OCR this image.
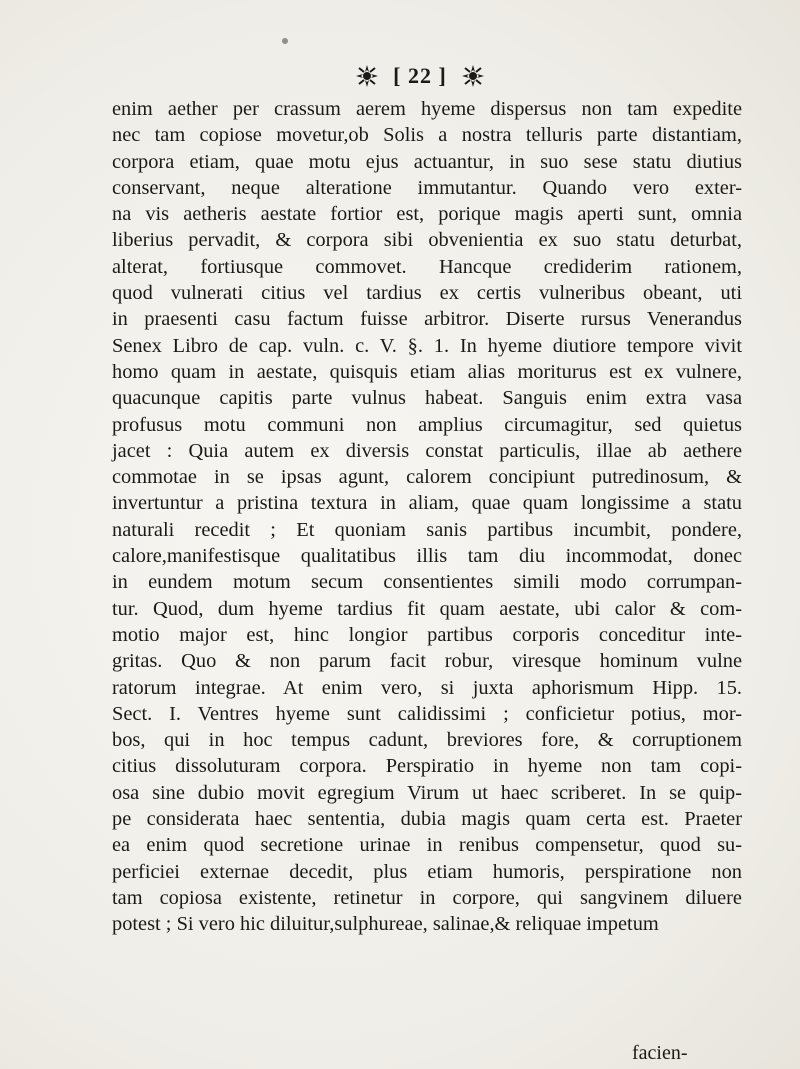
[ 22 ]
enim aether per crassum aerem hyeme dispersus non tam expedite
nec tam copiose movetur,ob Solis a nostra telluris parte distantiam,
corpora etiam, quae motu ejus actuantur, in suo sese statu diutius
conservant, neque alteratione immutantur. Quando vero exter-
na vis aetheris aestate fortior est, porique magis aperti sunt, omnia
liberius pervadit, & corpora sibi obvenientia ex suo statu deturbat,
alterat, fortiusque commovet. Hancque crediderim rationem,
quod vulnerati citius vel tardius ex certis vulneribus obeant, uti
in praesenti casu factum fuisse arbitror. Diserte rursus Venerandus
Senex Libro de cap. vuln. c. V. §. 1. In hyeme diutiore tempore vivit
homo quam in aestate, quisquis etiam alias moriturus est ex vulnere,
quacunque capitis parte vulnus habeat. Sanguis enim extra vasa
profusus motu communi non amplius circumagitur, sed quietus
jacet : Quia autem ex diversis constat particulis, illae ab aethere
commotae in se ipsas agunt, calorem concipiunt putredinosum, &
invertuntur a pristina textura in aliam, quae quam longissime a statu
naturali recedit ; Et quoniam sanis partibus incumbit, pondere,
calore,manifestisque qualitatibus illis tam diu incommodat, donec
in eundem motum secum consentientes simili modo corrumpan-
tur. Quod, dum hyeme tardius fit quam aestate, ubi calor & com-
motio major est, hinc longior partibus corporis conceditur inte-
gritas. Quo & non parum facit robur, viresque hominum vulne
ratorum integrae. At enim vero, si juxta aphorismum Hipp. 15.
Sect. I. Ventres hyeme sunt calidissimi ; conficietur potius, mor-
bos, qui in hoc tempus cadunt, breviores fore, & corruptionem
citius dissoluturam corpora. Perspiratio in hyeme non tam copi-
osa sine dubio movit egregium Virum ut haec scriberet. In se quip-
pe considerata haec sententia, dubia magis quam certa est. Praeter
ea enim quod secretione urinae in renibus compensetur, quod su-
perficiei externae decedit, plus etiam humoris, perspiratione non
tam copiosa existente, retinetur in corpore, qui sangvinem diluere
potest ; Si vero hic diluitur,sulphureae, salinae,& reliquae impetum
facien-
